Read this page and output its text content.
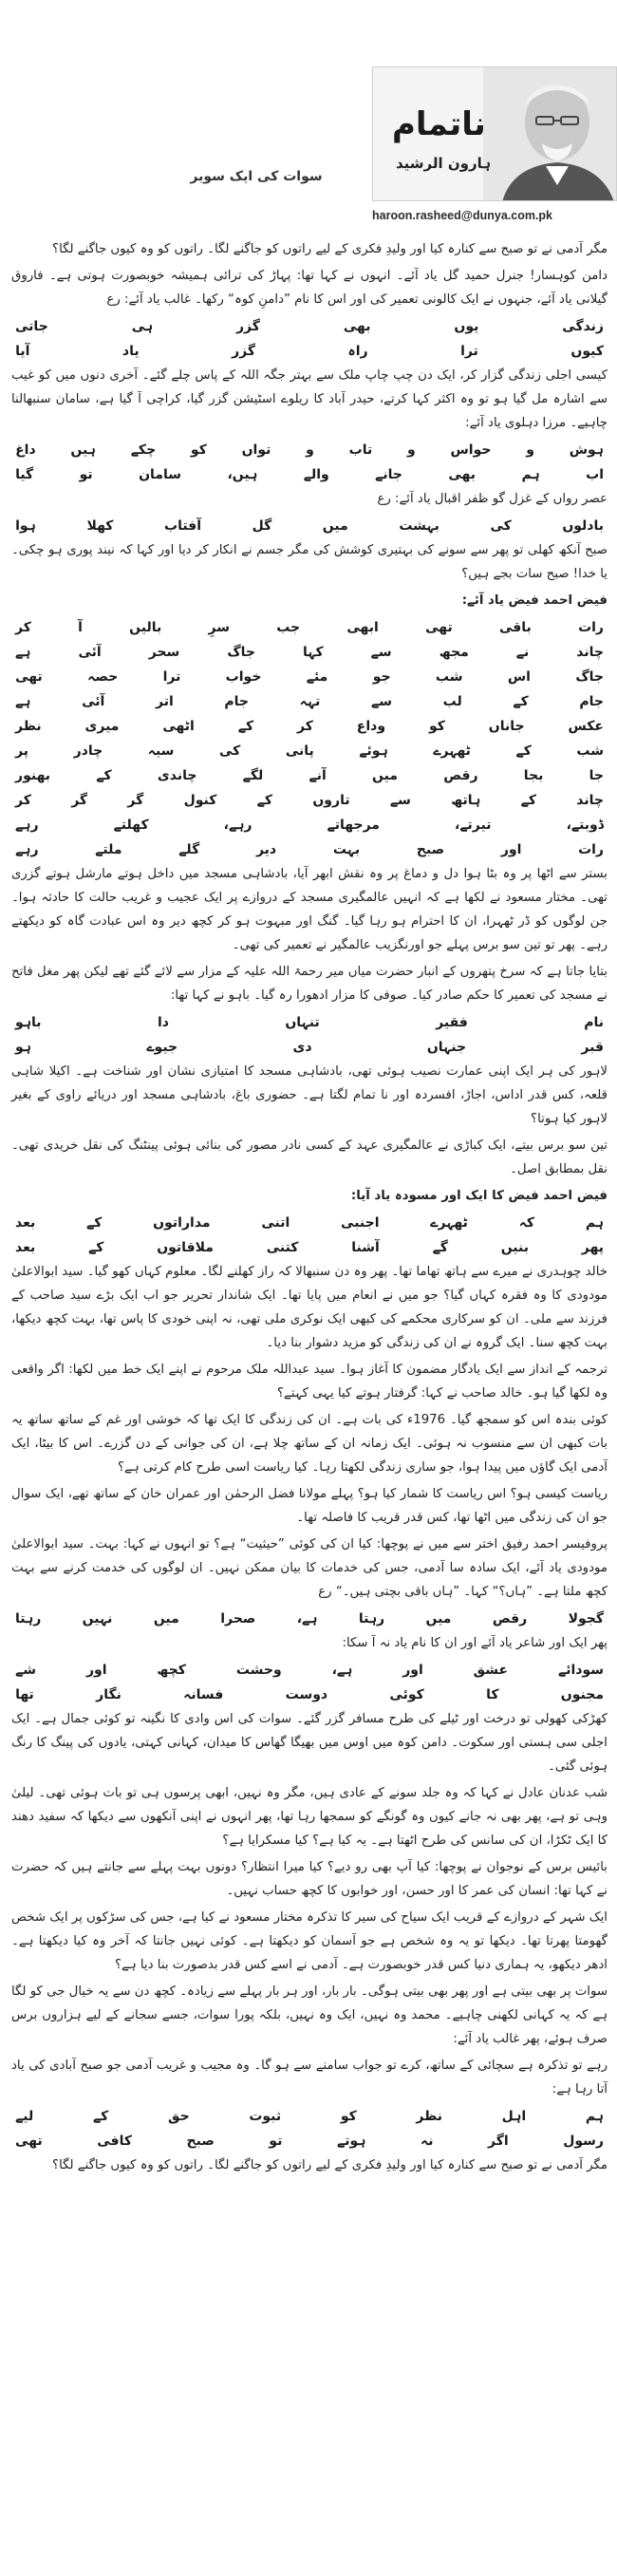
ناتمام
ہارون الرشید
haroon.rasheed@dunya.com.pk
سوات کی ایک سویر
مگر آدمی نے تو صبح سے کنارہ کیا اور ولیدِ فکری کے لیے راتوں کو جاگنے لگا۔ راتوں کو وہ کیوں جاگنے لگا؟
دامن کوہسار! جنرل حمید گل یاد آئے۔ انہوں نے کہا تھا: پہاڑ کی ترائی ہمیشہ خوبصورت ہوتی ہے۔ فاروق گیلانی یاد آئے، جنہوں نے ایک کالونی تعمیر کی اور اس کا نام ”دامنِ کوہ“ رکھا۔ غالب یاد آئے: رع
زندگی
یوں
بھی
گزر
ہی
جاتی
کیوں
ترا
راہ
گزر
یاد
آیا
کیسی اجلی زندگی گزار کر، ایک دن چپ چاپ ملک سے بہتر جگہ اللہ کے پاس چلے گئے۔ آخری دنوں میں کو غیب سے اشارہ مل گیا ہو تو وہ اکثر کہا کرتے، حیدر آباد کا ریلوے اسٹیشن گزر گیا، کراچی آ گیا ہے، سامان سنبھالنا چاہیے۔ مرزا دہلوی یاد آئے:
ہوش
و
حواس
و
تاب
و
تواں
کو
چکے
ہیں
داغ
اب
ہم
بھی
جانے
والے
ہیں،
سامان
تو
گیا
عصر رواں کے غزل گو ظفر اقبال یاد آئے: رع
بادلوں
کی
بہشت
میں
گل
آفتاب
کھلا
ہوا
صبح آنکھ کھلی تو پھر سے سونے کی بہتیری کوشش کی مگر جسم نے انکار کر دیا اور کہا کہ نیند پوری ہو چکی۔ یا خدا! صبح سات بجے ہیں؟
فیض احمد فیض یاد آئے:
رات
باقی
تھی
ابھی
جب
سرِ
بالیں
آ
کر
چاند
نے
مجھ
سے
کہا
جاگ
سحر
آئی
ہے
جاگ
اس
شب
جو
مئے
خواب
ترا
حصہ
تھی
جام
کے
لب
سے
تہہ
جام
اتر
آئی
ہے
عکس
جاناں
کو
وداع
کر
کے
اٹھی
میری
نظر
شب
کے
ٹھہرے
ہوئے
پانی
کی
سیہ
چادر
پر
جا
بجا
رقص
میں
آنے
لگے
چاندی
کے
بھنور
چاند
کے
ہاتھ
سے
تاروں
کے
کنول
گر
گر
کر
ڈوبتے،
تیرتے،
مرجھاتے
رہے،
کھلتے
رہے
رات
اور
صبح
بہت
دیر
گلے
ملتے
رہے
بستر سے اٹھا پر وہ بٹا ہوا دل و دماغ پر وہ نقش ابھر آیا، بادشاہی مسجد میں داخل ہوتے مارشل ہوتے گزری تھی۔ مختار مسعود نے لکھا ہے کہ انہیں عالمگیری مسجد کے دروازے پر ایک عجیب و غریب حالت کا حادثہ ہوا۔ جن لوگوں کو ڈر ٹھہرا، ان کا احترام ہو رہا گیا۔ گنگ اور مبہوت ہو کر کچھ دیر وہ اس عبادت گاہ کو دیکھتے رہے۔ پھر تو تین سو برس پہلے جو اورنگزیب عالمگیر نے تعمیر کی تھی۔
بتایا جاتا ہے کہ سرخ پتھروں کے انبار حضرت میاں میر رحمۃ اللہ علیہ کے مزار سے لائے گئے تھے لیکن پھر مغل فاتح نے مسجد کی تعمیر کا حکم صادر کیا۔ صوفی کا مزار ادھورا رہ گیا۔ باہو نے کہا تھا:
نام
فقیر
تنہاں
دا
باہو
قبر
جنہاں
دی
جیوے
ہو
لاہور کی ہر ایک اپنی عمارت نصیب ہوئی تھی، بادشاہی مسجد کا امتیازی نشان اور شناخت ہے۔ اکیلا شاہی قلعہ، کس قدر اداس، اجاڑ، افسردہ اور نا تمام لگتا ہے۔ حضوری باغ، بادشاہی مسجد اور دریائے راوی کے بغیر لاہور کیا ہوتا؟
تین سو برس بیتے، ایک کباڑی نے عالمگیری عہد کے کسی نادر مصور کی بنائی ہوئی پینٹنگ کی نقل خریدی تھی۔ نقل بمطابق اصل۔
فیض احمد فیض کا ایک اور مسودہ یاد آیا:
ہم
کہ
ٹھہرے
اجنبی
اتنی
مداراتوں
کے
بعد
پھر
بنیں
گے
آشنا
کتنی
ملاقاتوں
کے
بعد
خالد چوہدری نے میرے سے ہاتھ تھاما تھا۔ پھر وہ دن سنبھالا کہ راز کھلنے لگا۔ معلوم کہاں کھو گیا۔ سید ابوالاعلیٰ مودودی کا وہ فقرہ کہاں گیا؟ جو میں نے انعام میں پایا تھا۔ ایک شاندار تحریر جو اب ایک بڑے سید صاحب کے فرزند سے ملی۔ ان کو سرکاری محکمے کی کبھی ایک نوکری ملی تھی، نہ اپنی خودی کا پاس تھا، بہت کچھ دیکھا، بہت کچھ سنا۔ ایک گروہ نے ان کی زندگی کو مزید دشوار بنا دیا۔
ترجمہ کے انداز سے ایک یادگار مضمون کا آغاز ہوا۔ سید عبداللہ ملک مرحوم نے اپنے ایک خط میں لکھا: اگر واقعی وہ لکھا گیا ہو۔ خالد صاحب نے کہا: گرفتار ہوتے کیا یہی کہتے؟
کوئی بندہ اس کو سمجھ گیا۔ 1976ء کی بات ہے۔ ان کی زندگی کا ایک تھا کہ خوشی اور غم کے ساتھ ساتھ یہ بات کبھی ان سے منسوب نہ ہوئی۔ ایک زمانہ ان کے ساتھ چلا ہے، ان کی جوانی کے دن گزرے۔ اس کا بیٹا، ایک آدمی ایک گاؤں میں پیدا ہوا، جو ساری زندگی لکھتا رہا۔ کیا ریاست اسی طرح کام کرتی ہے؟
ریاست کیسی ہو؟ اس ریاست کا شمار کیا ہو؟ پہلے مولانا فضل الرحمٰن اور عمران خان کے ساتھ تھے، ایک سوال جو ان کی زندگی میں اٹھا تھا، کس قدر قریب کا فاصلہ تھا۔
پروفیسر احمد رفیق اختر سے میں نے پوچھا: کیا ان کی کوئی ”حیثیت“ ہے؟ تو انہوں نے کہا: بہت۔ سید ابوالاعلیٰ مودودی یاد آئے، ایک سادہ سا آدمی، جس کی خدمات کا بیان ممکن نہیں۔ ان لوگوں کی خدمت کرنے سے بہت کچھ ملتا ہے۔ ”ہاں؟“ کہا۔ ”ہاں باقی بچتی ہیں۔“ رع
گجولا
رقص
میں
رہتا
ہے،
صحرا
میں
نہیں
رہتا
پھر ایک اور شاعر یاد آئے اور ان کا نام یاد نہ آ سکا:
سودائے
عشق
اور
ہے،
وحشت
کچھ
اور
شے
مجنوں
کا
کوئی
دوست
فسانہ
نگار
تھا
کھڑکی کھولی تو درخت اور ٹیلے کی طرح مسافر گزر گئے۔ سوات کی اس وادی کا نگینہ تو کوئی جمال ہے۔ ایک اجلی سی ہستی اور سکوت۔ دامن کوہ میں اوس میں بھیگا گھاس کا میدان، کہانی کہتی، یادوں کی پینگ کا رنگ ہوئی گئی۔
شب عدنان عادل نے کہا کہ وہ جلد سونے کے عادی ہیں، مگر وہ نہیں، ابھی پرسوں ہی تو بات ہوئی تھی۔ لیلیٰ وہی تو ہے، پھر بھی نہ جانے کیوں وہ گونگے کو سمجھا رہا تھا، پھر انہوں نے اپنی آنکھوں سے دیکھا کہ سفید دھند کا ایک ٹکڑا، ان کی سانس کی طرح اٹھتا ہے۔ یہ کیا ہے؟ کیا مسکرایا ہے؟
بائیس برس کے نوجوان نے پوچھا: کیا آپ بھی رو دیے؟ کیا میرا انتظار؟ دونوں بہت پہلے سے جانتے ہیں کہ حضرت نے کہا تھا: انسان کی عمر کا اور حسن، اور خوابوں کا کچھ حساب نہیں۔
ایک شہر کے دروازے کے قریب ایک سیاح کی سیر کا تذکرہ مختار مسعود نے کیا ہے، جس کی سڑکوں پر ایک شخص گھومتا پھرتا تھا۔ دیکھا تو یہ وہ شخص ہے جو آسمان کو دیکھتا ہے۔ کوئی نہیں جانتا کہ آخر وہ کیا دیکھتا ہے۔ ادھر دیکھو، یہ ہماری دنیا کس قدر خوبصورت ہے۔ آدمی نے اسے کس قدر بدصورت بنا دیا ہے؟
سوات پر بھی بیتی ہے اور پھر بھی بیتی ہوگی۔ بار بار، اور ہر بار پہلے سے زیادہ۔ کچھ دن سے یہ خیال جی کو لگا ہے کہ یہ کہانی لکھنی چاہیے۔ محمد وہ نہیں، ایک وہ نہیں، بلکہ پورا سوات، جسے سجانے کے لیے ہزاروں برس صرف ہوئے، پھر غالب یاد آئے:
رہے تو تذکرہ ہے سچائی کے ساتھ، کرے تو جواب سامنے سے ہو گا۔ وہ مجیب و غریب آدمی جو صبح آبادی کی یاد آتا رہا ہے:
ہم
اہل
نظر
کو
ثبوت
حق
کے
لیے
رسول
اگر
نہ
ہوتے
تو
صبح
کافی
تھی
مگر آدمی نے تو صبح سے کنارہ کیا اور ولیدِ فکری کے لیے راتوں کو جاگنے لگا۔ راتوں کو وہ کیوں جاگنے لگا؟
